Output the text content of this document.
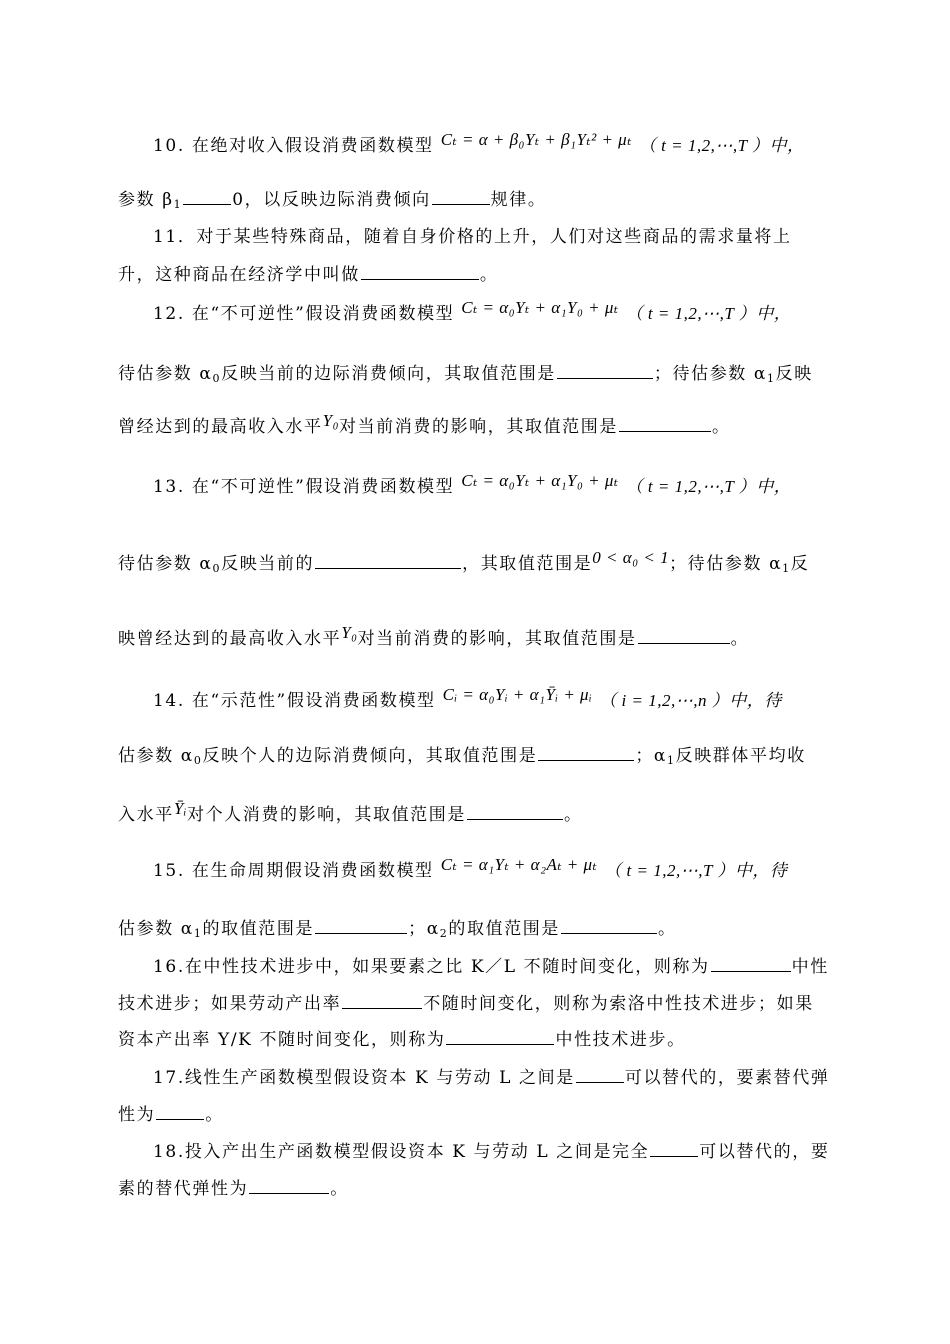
10. 在绝对收入假设消费函数模型 Cₜ = α + β₀Yₜ + β₁Yₜ² + μₜ （ t = 1,2,⋯,T ）中，
参数 $\beta_1$	0，以反映边际消费倾向	规律。
11．对于某些特殊商品，随着自身价格的上升，人们对这些商品的需求量将上
升，这种商品在经济学中叫做	。
12. 在“不可逆性”假设消费函数模型 Cₜ = α₀Yₜ + α₁Y₀ + μₜ （ t = 1,2,⋯,T ）中，
待估参数 $\alpha_0$反映当前的边际消费倾向，其取值范围是	；待估参数 $\alpha_1$反映
曾经达到的最高收入水平Y₀对当前消费的影响，其取值范围是	。
13. 在“不可逆性”假设消费函数模型 Cₜ = α₀Yₜ + α₁Y₀ + μₜ （ t = 1,2,⋯,T ）中，
待估参数 $\alpha_0$反映当前的	，其取值范围是0 < α₀ < 1；待估参数 $\alpha_1$反
映曾经达到的最高收入水平Y₀对当前消费的影响，其取值范围是	。
14. 在“示范性”假设消费函数模型 Cᵢ = α₀Yᵢ + α₁Ȳᵢ + μᵢ （ i = 1,2,⋯,n ）中，待
估参数 $\alpha_0$反映个人的边际消费倾向，其取值范围是	；$\alpha_1$反映群体平均收
入水平Ȳᵢ对个人消费的影响，其取值范围是	。
15. 在生命周期假设消费函数模型 Cₜ = α₁Yₜ + α₂Aₜ + μₜ （ t = 1,2,⋯,T ）中，待
估参数 $\alpha_1$的取值范围是	；$\alpha_2$的取值范围是	。
16.在中性技术进步中，如果要素之比 K／L 不随时间变化，则称为	中性
技术进步；如果劳动产出率	不随时间变化，则称为索洛中性技术进步；如果
资本产出率 Y/K 不随时间变化，则称为	中性技术进步。
17.线性生产函数模型假设资本 K 与劳动 L 之间是	可以替代的，要素替代弹
性为	。
18.投入产出生产函数模型假设资本 K 与劳动 L 之间是完全	可以替代的，要
素的替代弹性为	。
